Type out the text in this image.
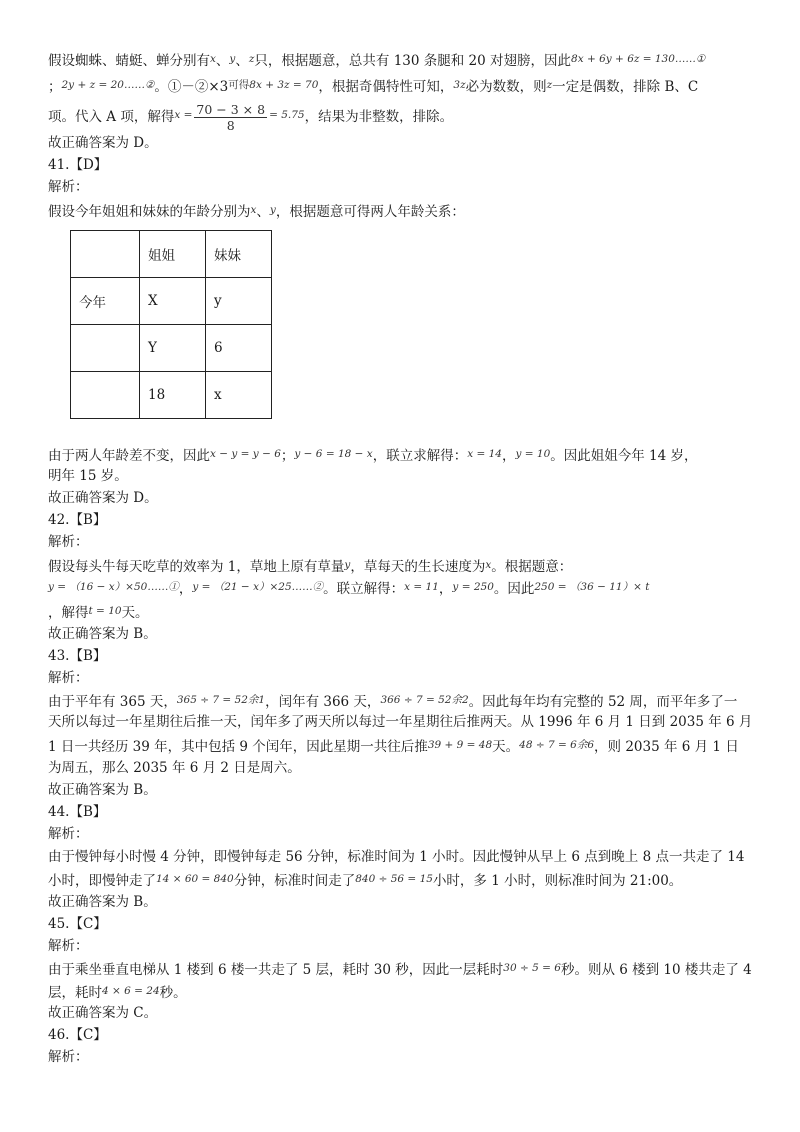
假设蜘蛛、蜻蜓、蝉分别有$^x$、$^y$、$^z$只，根据题意，总共有 130 条腿和 20 对翅膀，因此$^{8x + 6y + 6z = 130\dots\dots ①}$
；$^{2y + z = 20\dots\dots ②}$。$①-②\times 3^{可得8x + 3z = 70}$，根据奇偶特性可知，$^{3z}$必为数数，则$^z$一定是偶数，排除 B、C
项。代入 A 项，解得$^{x =} \frac{70 - 3 \times 8}{8} ^{= 5.75}$，结果为非整数，排除。
故正确答案为 D。
41.【D】
解析：
假设今年姐姐和妹妹的年龄分别为$^x$、$^y$，根据题意可得两人年龄关系：
	姐姐	妹妹
今年	X	y
	Y	6
	18	x
由于两人年龄差不变，因此$^{x - y = y - 6}$；$^{y - 6 = 18 - x}$，联立求解得：$^{x = 14}$，$^{y = 10}$。因此姐姐今年 14 岁，
明年 15 岁。
故正确答案为 D。
42.【B】
解析：
假设每头牛每天吃草的效率为 1，草地上原有草量$^y$，草每天的生长速度为$^x$。根据题意：
$^{y = (16 - x)\times 50\dots\dots ①}$，$^{y = (21 - x)\times 25\dots\dots ②}$。联立解得：$^{x = 11}$，$^{y = 250}$。因此$^{250 = (36 - 11)\times t}$
，解得$^{t = 10}$天。
故正确答案为 B。
43.【B】
解析：
由于平年有 365 天，$^{365 \div 7 = 52余1}$，闰年有 366 天，$^{366 \div 7 = 52余2}$。因此每年均有完整的 52 周，而平年多了一
天所以每过一年星期往后推一天，闰年多了两天所以每过一年星期往后推两天。从 1996 年 6 月 1 日到 2035 年 6 月
1 日一共经历 39 年，其中包括 9 个闰年，因此星期一共往后推$^{39 + 9 = 48}$天。$^{48 \div 7 = 6余6}$，则 2035 年 6 月 1 日
为周五，那么 2035 年 6 月 2 日是周六。
故正确答案为 B。
44.【B】
解析：
由于慢钟每小时慢 4 分钟，即慢钟每走 56 分钟，标准时间为 1 小时。因此慢钟从早上 6 点到晚上 8 点一共走了 14
小时，即慢钟走了$^{14 \times 60 = 840}$分钟，标准时间走了$^{840 \div 56 = 15}$小时，多 1 小时，则标准时间为 21:00。
故正确答案为 B。
45.【C】
解析：
由于乘坐垂直电梯从 1 楼到 6 楼一共走了 5 层，耗时 30 秒，因此一层耗时$^{30 \div 5 = 6}$秒。则从 6 楼到 10 楼共走了 4
层，耗时$^{4 \times 6 = 24}$秒。
故正确答案为 C。
46.【C】
解析：
